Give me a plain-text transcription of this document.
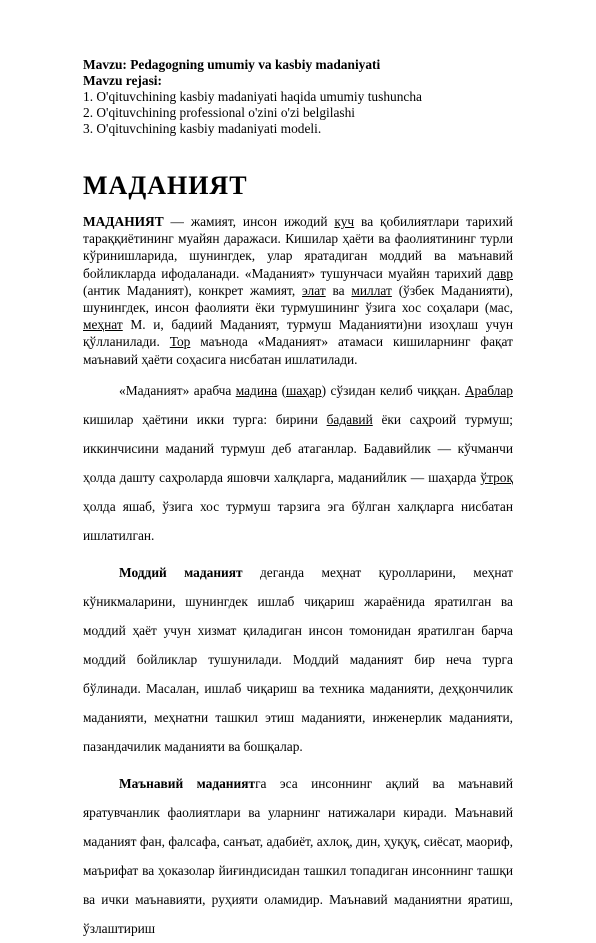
Mavzu: Pedagogning umumiy va kasbiy madaniyati
Mavzu rejasi:
1. O'qituvchining kasbiy madaniyati haqida umumiy tushuncha
2. O'qituvchining professional o'zini o'zi belgilashi
3. O'qituvchining kasbiy madaniyati modeli.
МАДАНИЯТ

МАДАНИЯТ — жамият, инсон ижодий куч ва қобилиятлари тарихий тараққиётининг муайян даражаси. Кишилар ҳаёти ва фаолиятининг турли кўринишларида, шунингдек, улар яратадиган моддий ва маънавий бойликларда ифодаланади. «Маданият» тушунчаси муайян тарихий давр (антик Маданият), конкрет жамият, элат ва миллат (ўзбек Маданияти), шунингдек, инсон фаолияти ёки турмушининг ўзига хос соҳалари (мас, меҳнат М. и, бадиий Маданият, турмуш Маданияти)ни изоҳлаш учун қўлланилади. Тор маънода «Маданият» атамаси кишиларнинг фақат маънавий ҳаёти соҳасига нисбатан ишлатилади.

«Маданият» арабча мадина (шаҳар) сўзидан келиб чиққан. Араблар кишилар ҳаётини икки турга: бирини бадавий ёки саҳроий турмуш; иккинчисини маданий турмуш деб атаганлар. Бадавийлик — кўчманчи ҳолда дашту саҳроларда яшовчи халқларга, маданийлик — шаҳарда ўтроқ ҳолда яшаб, ўзига хос турмуш тарзига эга бўлган халқларга нисбатан ишлатилган.

Моддий маданият деганда меҳнат қуролларини, меҳнат кўникмаларини, шунингдек ишлаб чиқариш жараёнида яратилган ва моддий ҳаёт учун хизмат қиладиган инсон томонидан яратилган барча моддий бойликлар тушунилади. Моддий маданият бир неча турга бўлинади. Масалан, ишлаб чиқариш ва техника маданияти, деҳқончилик маданияти, меҳнатни ташкил этиш маданияти, инженерлик маданияти, пазандачилик маданияти ва бошқалар.

Маънавий маданиятга эса инсоннинг ақлий ва маънавий яратувчанлик фаолиятлари ва уларнинг натижалари киради. Маънавий маданият фан, фалсафа, санъат, адабиёт, ахлоқ, дин, ҳуқуқ, сиёсат, маориф, маърифат ва ҳоказолар йиғиндисидан ташкил топадиган инсоннинг ташқи ва ички маънавияти, руҳияти оламидир. Маънавий маданиятни яратиш, ўзлаштириш
